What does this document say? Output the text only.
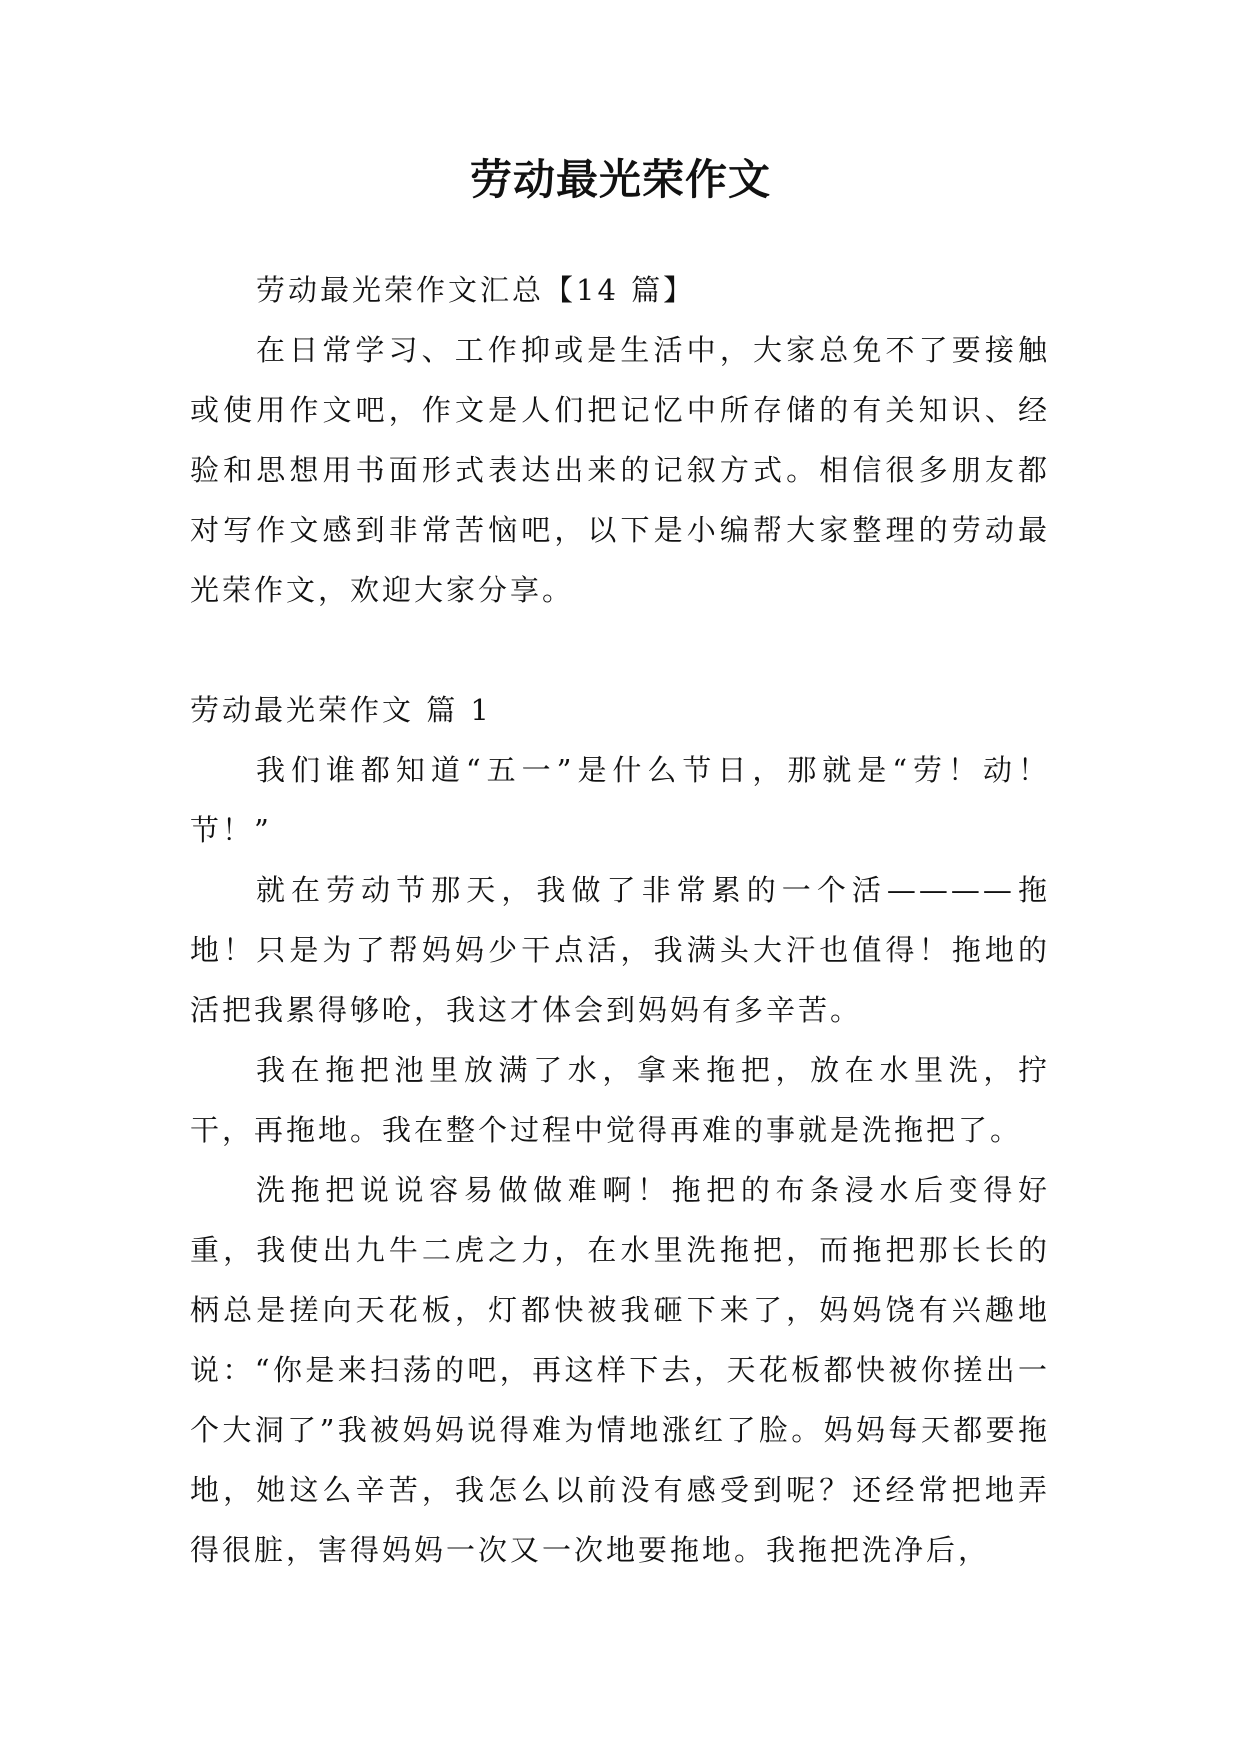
劳动最光荣作文

劳动最光荣作文汇总【14 篇】

在日常学习、工作抑或是生活中，大家总免不了要接触或使用作文吧，作文是人们把记忆中所存储的有关知识、经验和思想用书面形式表达出来的记叙方式。相信很多朋友都对写作文感到非常苦恼吧，以下是小编帮大家整理的劳动最光荣作文，欢迎大家分享。

劳动最光荣作文 篇 1

我们谁都知道“五一”是什么节日，那就是“劳！动！节！”

就在劳动节那天，我做了非常累的一个活————拖地！只是为了帮妈妈少干点活，我满头大汗也值得！拖地的活把我累得够呛，我这才体会到妈妈有多辛苦。

我在拖把池里放满了水，拿来拖把，放在水里洗，拧干，再拖地。我在整个过程中觉得再难的事就是洗拖把了。

洗拖把说说容易做做难啊！拖把的布条浸水后变得好重，我使出九牛二虎之力，在水里洗拖把，而拖把那长长的柄总是搓向天花板，灯都快被我砸下来了，妈妈饶有兴趣地说：“你是来扫荡的吧，再这样下去，天花板都快被你搓出一个大洞了”我被妈妈说得难为情地涨红了脸。妈妈每天都要拖地，她这么辛苦，我怎么以前没有感受到呢？还经常把地弄得很脏，害得妈妈一次又一次地要拖地。我拖把洗净后，
